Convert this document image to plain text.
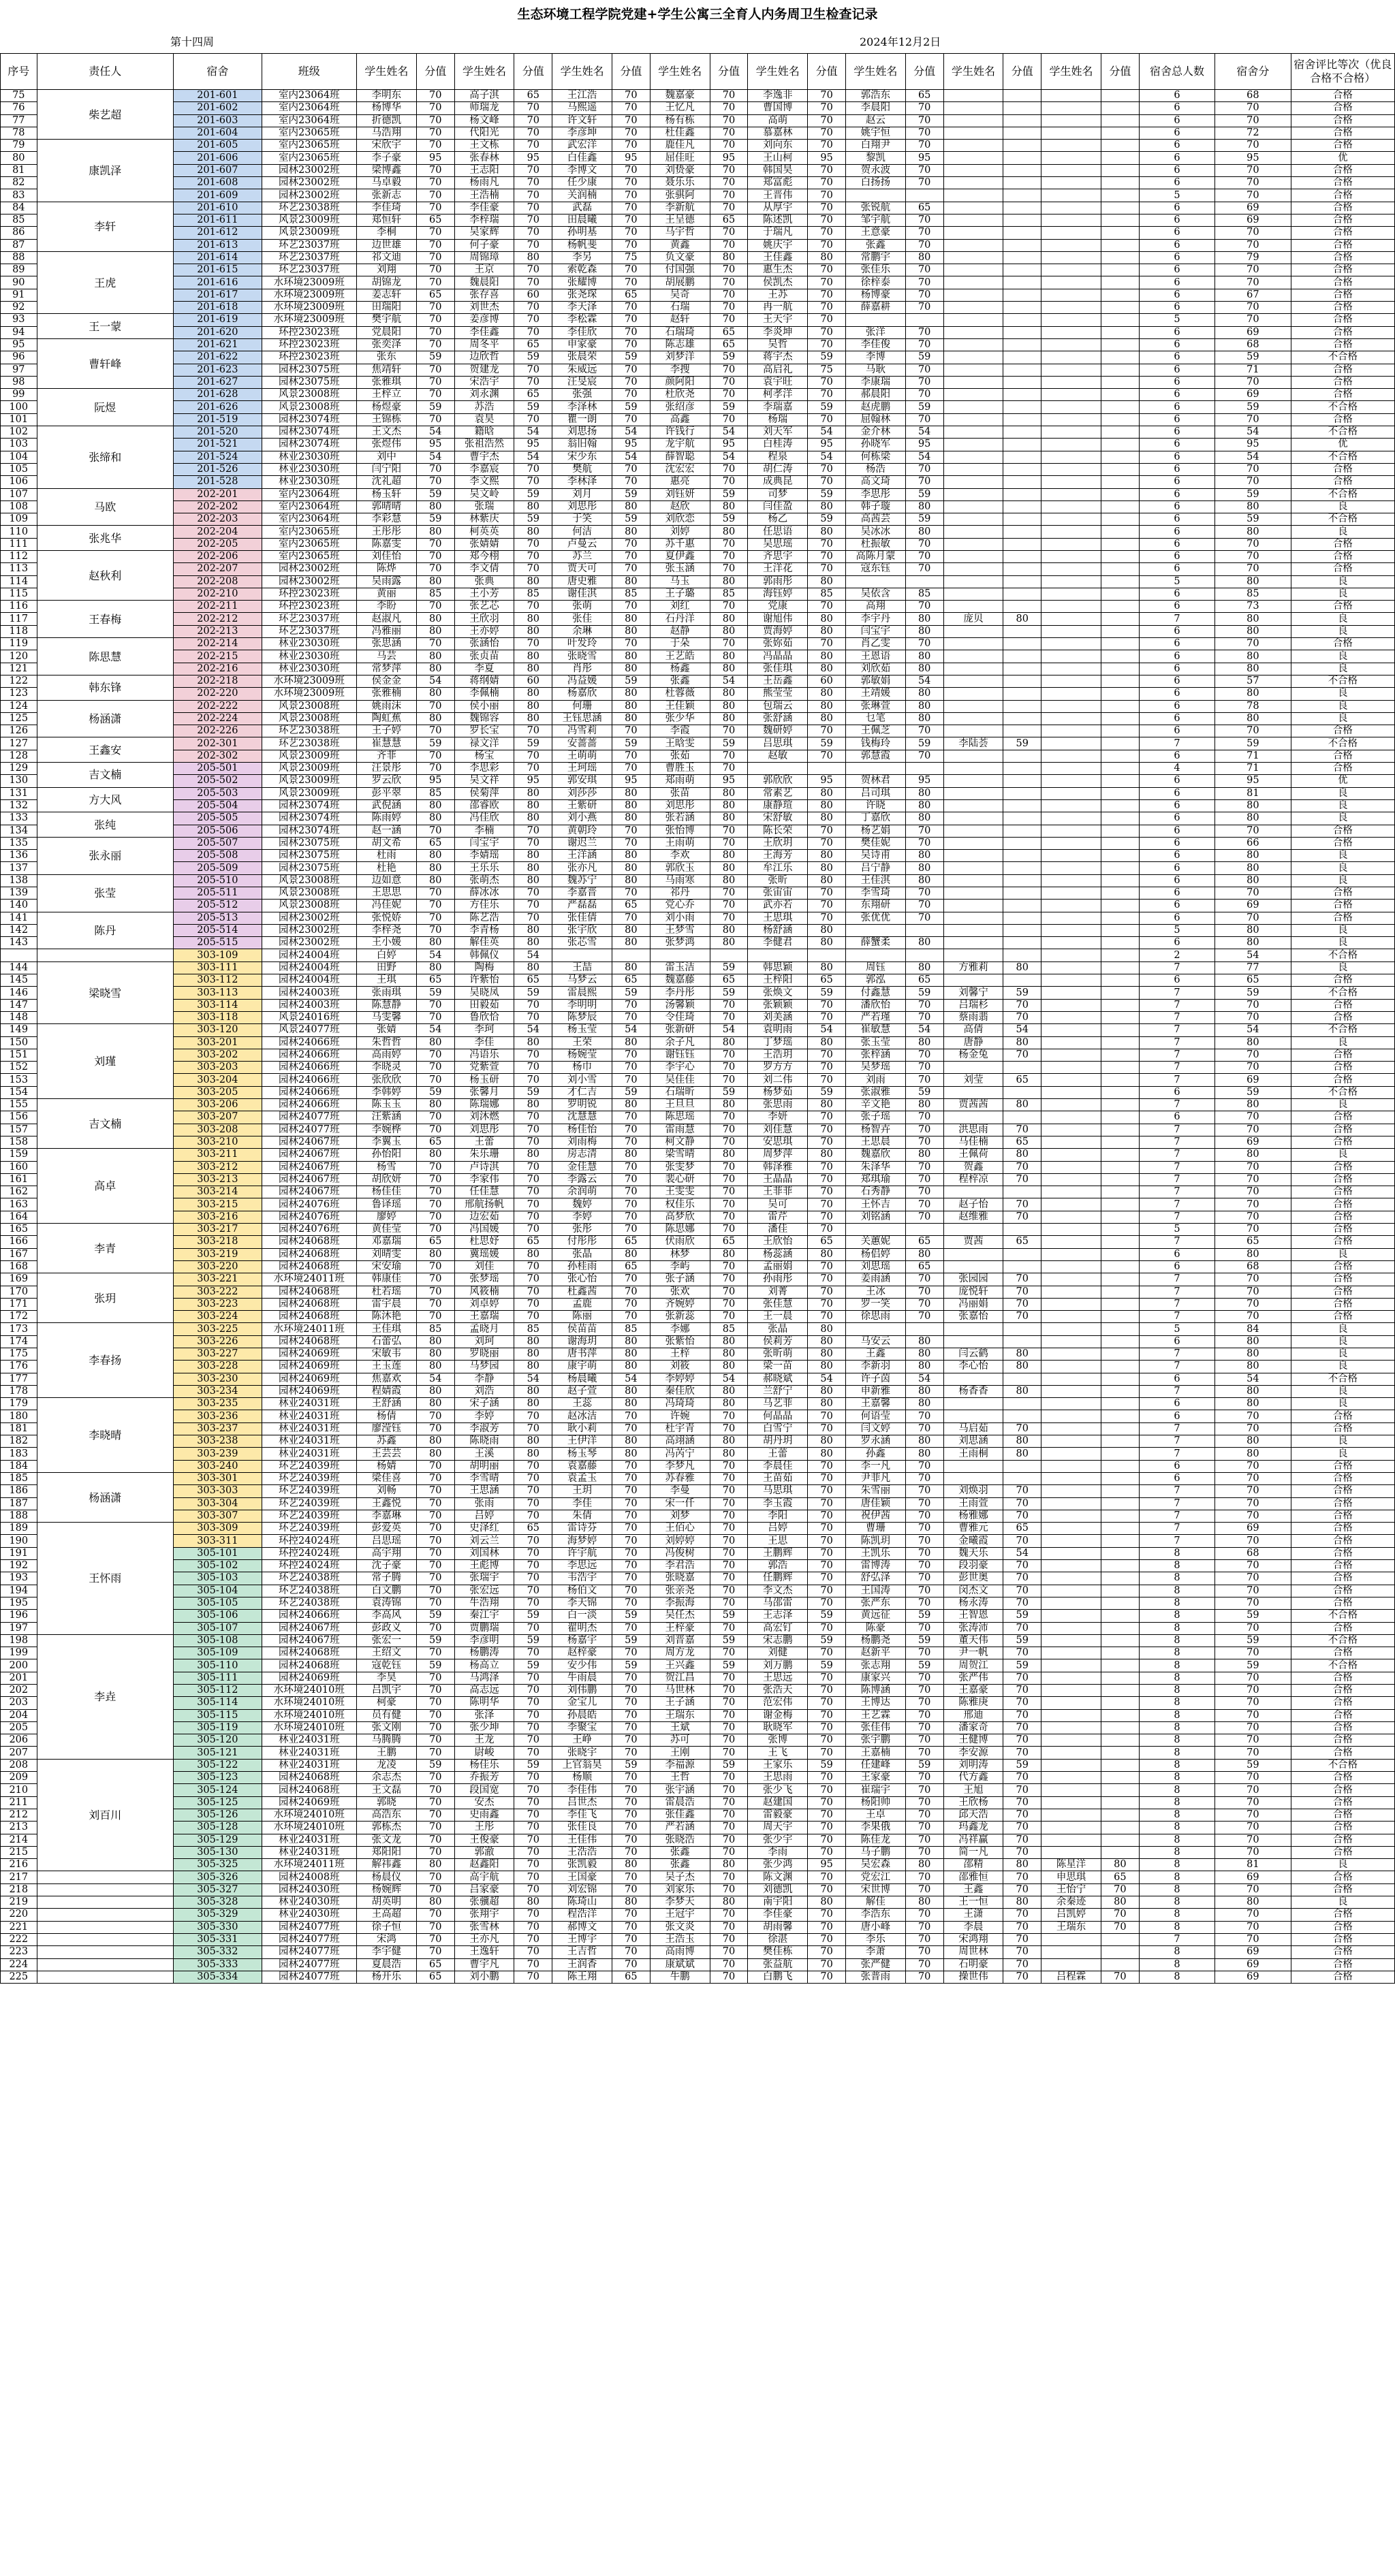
生态环境工程学院党建+学生公寓三全育人内务周卫生检查记录
第十四周	2024年12月2日
序号	责任人	宿舍	班级	学生姓名	分值	学生姓名	分值	学生姓名	分值	学生姓名	分值	学生姓名	分值	学生姓名	分值	学生姓名	分值	学生姓名	分值	宿舍总人数	宿舍分	宿舍评比等次（优良合格不合格）
75	柴艺超	201-601	室内23064班	李明东	70	高子淇	65	王江浩	70	魏嘉豪	70	李逸非	70	郭浩东	65					6	68	合格
76		201-602	室内23064班	杨博华	70	师瑞龙	70	马熙遥	70	王忆凡	70	曹国博	70	李晨阳	70					6	70	合格
77		201-603	室内23064班	折德凯	70	杨文峰	70	许文轩	70	杨有栋	70	高萌	70	赵云	70					6	70	合格
78		201-604	室内23065班	马浩翔	70	代阳光	70	李彦坤	70	杜佳鑫	70	慕嘉林	70	姚宇恒	70					6	72	合格
79	康凯泽	201-605	室内23065班	宋欣宇	70	王文栋	70	武宏洋	70	鹿佳凡	70	刘向东	70	白翔尹	70					6	70	合格
80		201-606	室内23065班	李子豪	95	张春林	95	白佳鑫	95	屈佳旺	95	王山柯	95	黎凯	95					6	95	优
81		201-607	园林23002班	梁博鑫	70	王志阳	70	李博文	70	刘贽豪	70	韩国昊	70	贺永波	70					6	70	合格
82		201-608	园林23002班	马卓毅	70	杨雨凡	70	任少康	70	聂乐乐	70	郑富彪	70	白扬扬	70					6	70	合格
83		201-609	园林23002班	张新志	70	王浩楠	70	关润楠	70	张骐阿	70	王晋伟	70							5	70	合格
84	李轩	201-610	环艺23038班	李佳琦	70	李佳豪	70	武磊	70	李新航	70	从厚宇	70	张锐航	65					6	69	合格
85		201-611	风景23009班	郑恒轩	65	李梓瑞	70	田晨曦	70	王呈德	65	陈述凯	70	邹宇航	70					6	69	合格
86		201-612	风景23009班	李桐	70	吴家辉	70	孙明基	70	马宇哲	70	于瑞凡	70	王意豪	70					6	70	合格
87		201-613	环艺23037班	边世雄	70	何子豪	70	杨帆斐	70	黄鑫	70	姚庆宇	70	张鑫	70					6	70	合格
88	王虎	201-614	环艺23037班	祁文迪	70	周锦璋	80	李另	75	负文豪	80	王佳鑫	80	常鹏宇	80					6	79	合格
89		201-615	环艺23037班	刘翔	70	王京	70	索乾森	70	付国强	70	惠生杰	70	张佳乐	70					6	70	合格
90		201-616	水环境23009班	胡锦龙	70	魏晨阳	70	张耀博	70	胡展鹏	70	侯凯杰	70	徐梓泰	70					6	70	合格
91		201-617	水环境23009班	姜志轩	65	张存喜	60	张尧琛	65	吴奇	70	王苏	70	杨博豪	70					6	67	合格
92		201-618	水环境23009班	田瑞阳	70	刘世杰	70	李天泽	70	石瑞	70	冉一航	70	薛嘉耕	70					6	70	合格
93	王一蒙	201-619	水环境23009班	樊宇航	70	姜彦博	70	李松霖	70	赵轩	70	王天宇	70							5	70	合格
94		201-620	环控23023班	党晨阳	70	李佳鑫	70	李佳欣	70	石瑞琦	65	李炎坤	70	张洋	70					6	69	合格
95	曹轩峰	201-621	环控23023班	张奕泽	70	周冬平	65	申家豪	70	陈志雄	65	吴哲	70	李佳俊	70					6	68	合格
96		201-622	环控23023班	张东	59	边欣哲	59	张晨荣	59	刘梦洋	59	蒋宇杰	59	李博	59					6	59	不合格
97		201-623	园林23075班	焦靖轩	70	贺建龙	70	朱威远	70	李搜	70	高启礼	75	马耿	70					6	71	合格
98		201-627	园林23075班	张雅琪	70	宋浩宇	70	汪旻宸	70	颜阿阳	70	袁宇旺	70	李康瑞	70					6	70	合格
99	阮煜	201-628	风景23008班	王梓立	70	刘永渊	65	张强	70	杜欣尧	70	柯孝洋	70	郝晨阳	70					6	69	合格
100		201-626	风景23008班	杨煜豪	59	苏浩	59	李泽林	59	张绍彦	59	李瑞嘉	59	赵虎鹏	59					6	59	不合格
101		201-519	园林23074班	王锦栋	70	袁昊	70	瞿一朗	70	高鑫	70	杨瑞	70	屈翰林	70					6	70	合格
102	张缔和	201-520	园林23074班	王文杰	54	籍晗	54	刘思扬	54	许钱行	54	刘天军	54	金介林	54					6	54	不合格
103		201-521	园林23074班	张煜伟	95	张祖浩然	95	翁旧翰	95	龙宇航	95	白桂涛	95	孙晓军	95					6	95	优
104		201-524	林业23030班	刘中	54	曹宇杰	54	宋少东	54	薛智聪	54	程泉	54	何栋梁	54					6	54	不合格
105		201-526	林业23030班	闫宁阳	70	李嘉宸	70	樊航	70	沈宏宏	70	胡仁涛	70	杨浩	70					6	70	合格
106		201-528	林业23030班	沈礼超	70	李文熙	70	李林泽	70	惠亮	70	成典昆	70	高文琦	70					6	70	合格
107	马欧	202-201	室内23064班	杨玉轩	59	吴文岭	59	刘月	59	刘钰妍	59	司梦	59	李思彤	59					6	59	不合格
108		202-202	室内23064班	郭晴晴	80	张瑞	80	刘思彤	80	赵欣	80	闫佳盈	80	韩子璇	80					6	80	良
109		202-203	室内23064班	李彩慧	59	林紫庆	59	于笑	59	刘欣恋	59	杨乙	59	高茜芸	59					6	59	不合格
110	张兆华	202-204	室内23065班	王彤彤	80	柯英英	80	何洁	80	刘婷	80	任思语	80	吴冰冰	80					6	80	良
111		202-205	室内23065班	陈嘉雯	70	张婧婧	70	卢曼云	70	苏千惠	70	吴思瑶	70	杜振敏	70					6	70	合格
112	赵秋利	202-206	室内23065班	刘佳怡	70	郑今栩	70	苏兰	70	夏伊鑫	70	齐思宇	70	高陈月蒙	70					6	70	合格
113		202-207	园林23002班	陈烨	70	李文倩	70	贾天可	70	张玉涵	70	王洋花	70	寇东钰	70					6	70	合格
114		202-208	园林23002班	吴雨露	80	张典	80	唐史雅	80	马玉	80	郭雨彤	80							5	80	良
115		202-210	环控23023班	黄丽	85	王小芳	85	谢佳淇	85	王子璐	85	海钰婷	85	吴依含	85					6	85	良
116	王春梅	202-211	环控23023班	李盼	70	张艺芯	70	张萌	70	刘红	70	党康	70	高翔	70					6	73	合格
117		202-212	环艺23037班	赵淑凡	80	王欣羽	80	张佳	80	石丹洋	80	谢旭伟	80	李宇丹	80	庞贝	80			7	80	良
118		202-213	环艺23037班	冯雅丽	80	王亦婷	80	余琳	80	赵静	80	贾海婷	80	闫宝宇	80					6	80	良
119	陈思慧	202-214	林业23030班	张思涵	70	张涵怡	70	叶发玲	70	于朵	70	张妳茹	70	肖乙雯	70					6	70	合格
120		202-215	林业23030班	马芸	80	张贞苗	80	张晓雪	80	王艺皓	80	冯晶晶	80	王恩语	80					6	80	良
121		202-216	林业23030班	常梦萍	80	李夏	80	肖彤	80	杨鑫	80	张佳琪	80	刘欣茹	80					6	80	良
122	韩东锋	202-218	水环境23009班	侯金金	54	蒋纲婧	60	冯益媛	59	张鑫	54	王岳鑫	60	郭敏娟	54					6	57	不合格
123		202-220	水环境23009班	张雅楠	80	李佩楠	80	杨嘉欣	80	杜蓉薇	80	熊莹莹	80	王靖媛	80					6	80	良
124	杨涵潇	202-222	风景23008班	姚雨沫	70	侯小丽	80	何珊	80	王佳颖	80	包瑞云	80	张琳萱	80					6	78	良
125		202-224	风景23008班	陶虹蕉	80	魏锦容	80	王钰思涵	80	张少华	80	张舒涵	80	乜笔	80					6	80	良
126		202-226	环艺23038班	王子婷	70	罗长宝	70	冯雪莉	70	李霞	70	魏研婷	70	王佩芝	70					6	70	合格
127	王鑫安	202-301	环艺23038班	崔慧慧	59	禄文洋	59	安蔷蔷	59	王晗雯	59	吕思琪	59	钱梅玲	59	李陆荟	59			7	59	不合格
128		202-302	风景23009班	齐菲	70	杨宝	70	王萌萌	70	张茹	70	赵敏	70	郭慧霞	70					6	71	合格
129	吉文楠	205-501	风景23009班	汪景彤	70	李思彩	70	王珂瑶	70	曹胜玉	70									4	71	合格
130		205-502	风景23009班	罗云欣	95	吴文祥	95	郭安琪	95	郑雨萌	95	郭欣欣	95	贺林君	95					6	95	优
131	方大风	205-503	风景23009班	彭平翠	85	侯菊萍	80	刘莎莎	80	张苗	80	常素艺	80	吕司琪	80					6	81	良
132		205-504	园林23074班	武倪涵	80	邵睿欧	80	王紫研	80	刘思彤	80	康静瑄	80	许晓	80					6	80	良
133	张纯	205-505	园林23074班	陈雨婷	80	冯佳欣	80	刘小燕	80	张若涵	80	宋舒敏	80	丁嘉欣	80					6	80	良
134		205-506	园林23074班	赵一涵	70	李楠	70	黄朝玲	70	张怡博	70	陈长荣	70	杨艺娟	70					6	70	合格
135	张永丽	205-507	园林23075班	胡文希	65	闫宝宇	70	谢迟兰	70	王雨萌	70	王欣玥	70	樊佳妮	70					6	66	合格
136		205-508	园林23075班	杜雨	80	李婧瑶	80	王洋涵	80	李欢	80	王海芳	80	吴诗甫	80					6	80	良
137		205-509	园林23075班	杜艳	80	王乐乐	80	张亦凡	80	郭欣玉	80	牟江乐	80	吕宁静	80					6	80	良
138	张莹	205-510	风景23008班	边如意	80	张萌杰	80	魏苏宁	80	马雨寒	80	张昕	80	王佳淇	80					6	80	良
139		205-511	风景23008班	王思思	70	薛冰冰	70	李嘉晋	70	祁丹	70	张宙宙	70	李雪琦	70					6	70	合格
140		205-512	风景23008班	冯佳妮	70	方佳乐	70	严磊磊	65	党心乔	70	武亦若	70	东翔研	70					6	69	合格
141	陈丹	205-513	园林23002班	张悦娇	70	陈艺浩	70	张佳倩	70	刘小雨	70	王思琪	70	张优优	70					6	70	合格
142		205-514	园林23002班	李梓尧	70	李青杨	80	张宇欣	80	王梦雪	80	杨舒涵	80							5	80	良
143		205-515	园林23002班	王小媛	80	解佳英	80	张芯雪	80	张梦鸿	80	李健君	80	薛蟹柔	80					6	80	良
		303-109	园林24004班	白婷	54	韩佩仪	54													2	54	不合格
144	梁晓雪	303-111	园林24004班	田野	80	陶梅	80	王喆	80	雷玉洁	59	韩思颖	80	周钰	80	方雅莉	80			7	77	良
145		303-112	园林24004班	王琪	65	许紫怡	65	马梦云	65	魏嘉藤	65	王梓阳	65	郭泓	65					6	65	合格
146		303-113	园林24003班	张雨琪	59	吴晓凤	59	雷晨熙	59	李丹彤	59	张焕文	59	付鑫慧	59	刘馨宁	59			7	59	不合格
147		303-114	园林24003班	陈慧静	70	田毅茹	70	李明明	70	汤馨颖	70	张颖颖	70	潘欣怡	70	吕瑞杉	70			7	70	合格
148		303-118	风景24016班	马雯馨	70	鲁欣恰	70	陈梦辰	70	令佳琦	70	刘美涵	70	严若瑾	70	蔡雨翡	70			7	70	合格
149	刘瑾	303-120	风景24077班	张婧	54	李珂	54	杨玉莹	54	张新研	54	袁明雨	54	崔敏慧	54	高倩	54			7	54	不合格
150		303-201	园林24066班	朱哲哲	80	李佳	80	王荣	80	余子凡	80	丁梦瑶	80	张玉莹	80	唐静	80			7	80	良
151		303-202	园林24066班	高雨婷	70	冯语乐	70	杨婉莹	70	谢钰钰	70	王浩玥	70	张梓涵	70	杨金兔	70			7	70	合格
152		303-203	园林24066班	李晓灵	70	党紫萱	70	杨巾	70	李宇心	70	罗方方	70	吴梦瑶	70					7	70	合格
153		303-204	园林24066班	张欣欣	70	杨玉研	70	刘小雪	70	吴佳佳	70	刘二伟	70	刘雨	70	刘莹	65			7	69	合格
154		303-205	园林24066班	李韩婷	59	张馨月	59	才仁吉	59	石瑞昕	59	杨梦茹	59	张淑雅	59					6	59	不合格
155	吉文楠	303-206	园林24066班	陈玉玉	80	陈瑞娜	80	罗明锐	80	王旦旦	80	张思雨	80	辛文艳	80	贾茜茜	80			7	80	良
156		303-207	园林24077班	汪紫涵	70	刘沐燃	70	沈慧慧	70	陈思瑶	70	李妍	70	张子瑶	70					6	70	合格
157		303-208	园林24077班	李婉桦	70	刘思彤	70	杨佳怡	70	雷雨慧	70	刘佳慧	70	杨智卉	70	洪思雨	70			7	70	合格
158		303-210	园林24067班	李翼玉	65	王蕾	70	刘雨梅	70	柯文静	70	安思琪	70	王思晨	70	马佳楠	65			7	69	合格
159	高卓	303-211	园林24067班	孙怡阳	80	朱乐珊	80	房志清	80	梁雪晴	80	周梦萍	80	魏嘉欣	80	王佩荷	80			7	80	良
160		303-212	园林24067班	杨雪	70	卢诗淇	70	金佳慧	70	张雯梦	70	韩泽雅	70	朱泽华	70	贺鑫	70			7	70	合格
161		303-213	园林24067班	胡欣妍	70	李家伟	70	李露云	70	裴心研	70	王晶晶	70	郑琪瑜	70	程梓凉	70			7	70	合格
162		303-214	园林24067班	杨佳佳	70	任佳慧	70	余润萌	70	王雯雯	70	王菲菲	70	石秀静	70					7	70	合格
163		303-215	园林24076班	鲁译瑶	70	邢航扬帆	70	魏婷	70	权佳乐	70	吴可	70	王怀吉	70	赵子怡	70			7	70	合格
164		303-216	园林24076班	廖婷	70	边宏茹	70	李婷	70	高梦欣	70	雷芹	70	刘铭涵	70	赵维雅	70			7	70	合格
165	李青	303-217	园林24076班	黄佳莹	70	冯国媛	70	张彤	70	陈思娜	70	潘佳	70							5	70	合格
166		303-218	园林24068班	邓嘉瑞	65	杜思妤	65	付彤彤	65	伏雨欣	65	王欣怡	65	关蕙妮	65	贾茜	65			7	65	合格
167		303-219	园林24068班	刘晴雯	80	冀瑶媛	80	张晶	80	林梦	80	杨蕊涵	80	杨侣婷	80					6	80	良
168		303-220	园林24068班	宋安瑜	70	刘佳	70	孙桂雨	65	李屿	70	孟丽娟	70	刘思瑶	65					6	68	合格
169	张玥	303-221	水环境24011班	韩康佳	70	张梦瑶	70	张心怡	70	张子涵	70	孙雨彤	70	姜雨涵	70	张园园	70			7	70	合格
170		303-222	园林24068班	杜若瑶	70	风筱楠	70	杜鑫茜	70	张欢	70	刘菁	70	王冰	70	庞悦轩	70			7	70	合格
171		303-223	园林24068班	雷宇晨	70	刘卓婷	70	孟鹿	70	齐婉婷	70	张佳慧	70	罗一笑	70	冯丽娟	70			7	70	合格
172		303-224	园林24068班	陈沐艳	70	王嘉瑞	70	陈丽	70	张新蕊	70	王一晨	70	徐思雨	70	张嘉怡	70			7	70	合格
173	李春扬	303-225	水环境24011班	王佳琪	85	孟晓月	85	侯苗苗	85	李娜	85	张晶	80							5	84	良
174		303-226	园林24068班	石蕾弘	80	刘珂	80	谢海玥	80	张紫怡	80	侯莉芳	80	马安云	80					6	80	良
175		303-227	园林24069班	宋敏韦	80	罗晓丽	80	唐书萍	80	王梓	80	张昕萌	80	王鑫	80	闫云鹤	80			7	80	良
176		303-228	园林24069班	王玉莲	80	马梦园	80	康宇萌	80	刘筱	80	梁一苗	80	李新羽	80	李心怡	80			7	80	良
177		303-230	园林24069班	焦嘉欢	54	李静	54	杨晨曦	54	李婷婷	54	郝晓斌	54	许子茵	54					6	54	不合格
178		303-234	园林24069班	程婧霞	80	刘浩	80	赵子萱	80	秦佳欣	80	兰舒宁	80	申新雅	80	杨香香	80			7	80	良
179	李晓晴	303-235	林业24031班	王舒涵	80	宋子涵	80	王蕊	80	冯琦琦	80	马艺菲	80	王嘉馨	80					6	80	良
180		303-236	林业24031班	杨倩	70	李婷	70	赵冰洁	70	许婉	70	何晶晶	70	何语莹	70					6	70	合格
181		303-237	林业24031班	廖滢钰	70	李淑芳	70	耿小莉	70	杜宇青	70	白雪宁	70	闫文婷	70	马启茹	70			7	70	合格
182		303-238	林业24031班	苏鑫	80	陈晓雨	80	王伊洋	80	高翊涵	80	胡丹玥	80	罗永涵	80	刘思涵	80			7	80	良
183		303-239	林业24031班	王芸芸	80	王溪	80	杨玉琴	80	冯芮宁	80	王蕾	80	孙鑫	80	王雨桐	80			7	80	良
184		303-240	环艺24039班	杨婧	70	胡明丽	70	袁嘉藤	70	李梦凡	70	李晨佳	70	李一凡	70					6	70	合格
185	杨涵潇	303-301	环艺24039班	梁佳喜	70	李雪晴	70	袁孟玉	70	苏春雅	70	王苗茹	70	尹菲凡	70					6	70	合格
186		303-303	环艺24039班	刘畅	70	王思涵	70	王玥	70	李曼	70	马思琪	70	朱雪丽	70	刘焕羽	70			7	70	合格
187		303-304	环艺24039班	王鑫悦	70	张雨	70	李佳	70	宋一仟	70	李玉霞	70	唐佳颖	70	王雨萱	70			7	70	合格
188		303-307	环艺24039班	李嘉琳	70	吕婷	70	朱倩	70	刘梦	70	李阳	70	祝伊茜	70	杨雅娜	70			7	70	合格
189	王怀雨	303-309	环艺24039班	彭爱英	70	史泽红	65	雷诗芬	70	王佰心	70	吕婷	70	曹珊	70	曹雅元	65			7	69	合格
190		303-311	环控24024班	吕思瑶	70	刘云兰	70	海梦婷	70	刘婷婷	70	王思	70	陈凯玥	70	金曦霞	70			7	70	合格
191		305-101	环控24024班	高宇翔	70	刘国林	70	许宇航	70	冯俊树	70	王鹏辉	70	王凯乐	70	魏天乐	54			8	68	合格
192		305-102	环控24024班	沈子豪	70	王彪博	70	李思远	70	李君浩	70	郭浩	70	雷博涛	70	段羽豪	70			8	70	合格
193		305-103	环艺24038班	常子腾	70	张瑞宇	70	韦浩宇	70	张晓嘉	70	任鹏辉	70	舒弘泽	70	彭世奥	70			8	70	合格
194		305-104	环艺24038班	白文鹏	70	张宏远	70	杨伯文	70	张亲尧	70	李文杰	70	王国涛	70	闵杰文	70			8	70	合格
195		305-105	环艺24038班	袁涛锦	70	牛浩翔	70	李天锦	70	李振海	70	马邵雷	70	张严东	70	杨永涛	70			8	70	合格
196		305-106	园林24066班	李高风	59	秦江宇	59	白一淡	59	吴任杰	59	王志泽	59	黄远征	59	王智恩	59			8	59	不合格
197		305-107	园林24067班	彭政义	70	贾鹏瑞	70	翟明杰	70	王梓豪	70	高宏钉	70	陈豪	70	张涛沛	70			8	70	合格
198	李垚	305-108	园林24067班	张宏一	59	李彦明	59	杨嘉宇	59	刘晋嘉	59	宋志鹏	59	杨鹏尧	59	董天伟	59			8	59	不合格
199		305-109	园林24068班	王绍文	70	杨鹏涛	70	赵梓豪	70	周方龙	70	刘健	70	赵新平	70	尹一帆	70			8	70	合格
200		305-110	园林24068班	寇乾钰	59	杨高立	59	安少伟	59	王兴鑫	59	刘万鹏	59	张志翔	59	周贺江	59			8	59	不合格
201		305-111	园林24069班	李昊	70	马鸿泽	70	牛雨晨	70	贺江昌	70	王思远	70	康家兴	70	张严伟	70			8	70	合格
202		305-112	水环境24010班	吕凯宇	70	高志远	70	刘伟鹏	70	马世林	70	张浩天	70	陈博涵	70	王嘉豪	70			8	70	合格
203		305-114	水环境24010班	柯豪	70	陈明华	70	金宝儿	70	王子涵	70	范宏伟	70	王博达	70	陈雅庚	70			8	70	合格
204		305-115	水环境24010班	员有健	70	张泽	70	孙晨皓	70	王瑞东	70	谢金梅	70	王艺霖	70	邢迪	70			8	70	合格
205		305-119	水环境24010班	张文刚	70	张少坤	70	李聚宝	70	王斌	70	耿晓军	70	张佳伟	70	潘家奇	70			8	70	合格
206		305-120	林业24031班	马腾腾	70	王龙	70	王峥	70	苏可	70	张博	70	张宇鹏	70	王健博	70			8	70	合格
207		305-121	林业24031班	王鹏	70	尉峻	70	张晓宇	70	王刚	70	王飞	70	王嘉楠	70	李安源	70			8	70	合格
208	刘百川	305-122	林业24031班	龙凌	59	杨佳乐	59	上官翁昊	59	李福源	59	王家乐	59	任建峰	59	刘明涛	59			8	59	不合格
209		305-123	园林24068班	余志杰	70	乔振芳	70	杨顺	70	王哲	70	王思雨	70	王家豪	70	代方鑫	70			8	70	合格
210		305-124	园林24068班	王文磊	70	段国宽	70	李佳伟	70	张宇涵	70	张少飞	70	崔瑞宇	70	王旭	70			8	70	合格
211		305-125	园林24069班	郭晓	70	安杰	70	吕世杰	70	雷晨浩	70	赵建国	70	杨阳帅	70	王欣杨	70			8	70	合格
212		305-126	水环境24010班	高浩东	70	史雨鑫	70	李佳飞	70	张佳鑫	70	雷毅豪	70	王卓	70	邱天浩	70			8	70	合格
213		305-128	水环境24010班	郭栋杰	70	王彤	70	张佳良	70	严若涵	70	周天宇	70	李果俄	70	玛鑫龙	70			8	70	合格
214		305-129	林业24031班	张文龙	70	王俊豪	70	王佳伟	70	张晓浩	70	张少宇	70	陈佳龙	70	冯祥赢	70			8	70	合格
215		305-130	林业24031班	郑阳阳	70	郭澈	70	王浩浩	70	张鑫	70	李雨	70	马子鹏	70	简一凡	70			8	70	合格
216		305-325	水环境24011班	解祎鑫	80	赵鑫阳	70	张凯毅	80	张鑫	80	张少鸿	95	吴宏森	80	邵精	80	陈星洋	80	8	81	良
217		305-326	园林24008班	杨晨仪	70	高宇航	70	王国豪	70	吴子杰	70	陈文渊	70	党宏江	70	邵雅恒	70	申思琪	65	8	69	合格
218		305-327	园林24030班	杨婉辉	70	吕家豪	70	刘宏锦	70	刘家乐	70	刘德凯	70	宋世博	70	王鑫	70	王怡宁	70	8	70	合格
219		305-328	林业24030班	胡英明	80	张骥超	80	陈琦山	80	李梦天	80	南宇阳	80	解佳	80	王一恒	80	余秦迹	80	8	80	良
220		305-329	林业24030班	王高超	70	张翔宇	70	程浩洋	70	王冠宇	70	李佳豪	70	李浩东	70	王潇	70	吕凯婷	70	8	70	合格
221		305-330	园林24077班	徐子恒	70	张雪林	70	郝博文	70	张文炎	70	胡雨馨	70	唐小峰	70	李晨	70	王瑞东	70	8	70	合格
222		305-331	园林24077班	宋鸿	70	王亦凡	70	王博宇	70	王浩玉	70	徐湛	70	李乐	70	宋鸿翔	70			7	70	合格
223		305-332	园林24077班	李宇健	70	王逸轩	70	王吉哲	70	高雨博	70	樊佳栋	70	李萧	70	周世林	70			8	69	合格
224		305-333	园林24077班	夏晨浩	65	曹宇凡	70	王润香	70	康斌斌	70	张益航	70	张严健	70	石明豪	70			8	69	合格
225		305-334	园林24077班	杨开乐	65	刘小鹏	70	陈王翔	65	牛鹏	70	白鹏飞	70	张普雨	70	操世伟	70	吕程霖	70	8	69	合格
